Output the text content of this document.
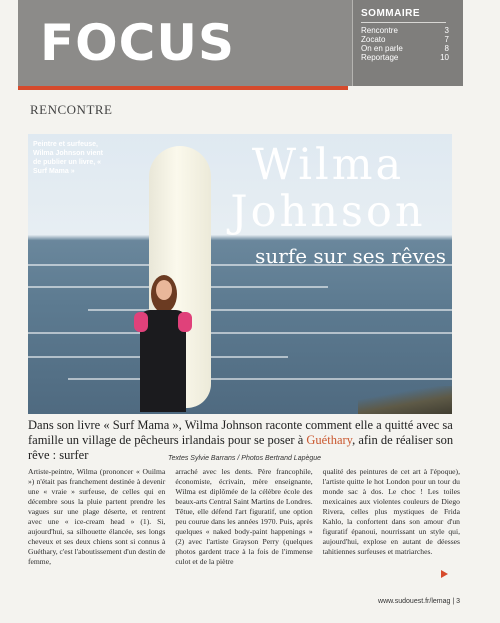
FOCUS
SOMMAIRE
Rencontre	3
Zocato	7
On en parle	8
Reportage	10
RENCONTRE
Peintre et surfeuse, Wilma Johnson vient de publier un livre, « Surf Mama »	Wilma
Johnson
surfe sur ses rêves
Dans son livre « Surf Mama », Wilma Johnson raconte comment elle a quitté avec sa famille un village de pêcheurs irlandais pour se poser à Guéthary, afin de réaliser son rêve : surfer	Textes Sylvie Barrans / Photos Bertrand Lapègue

Artiste-peintre, Wilma (prononcer « Ouilma ») n'était pas franchement destinée à devenir une « vraie » surfeuse, de celles qui en décembre sous la pluie partent prendre les vagues sur une plage déserte, et rentrent avec une « ice-cream head » (1). Si, aujourd'hui, sa silhouette élancée, ses longs cheveux et ses deux chiens sont si connus à Guéthary, c'est l'aboutissement d'un destin de femme,

arraché avec les dents. Père francophile, économiste, écrivain, mère enseignante, Wilma est diplômée de la célèbre école des beaux-arts Central Saint Martins de Londres. Têtue, elle défend l'art figuratif, une option peu courue dans les années 1970. Puis, après quelques « naked body-paint happenings » (2) avec l'artiste Grayson Perry (quelques photos gardent trace à la fois de l'immense culot et de la piètre

qualité des peintures de cet art à l'époque), l'artiste quitte le hot London pour un tour du monde sac à dos. Le choc ! Les toiles mexicaines aux violentes couleurs de Diego Rivera, celles plus mystiques de Frida Kahlo, la confortent dans son amour d'un figuratif épanoui, nourrissant un style qui, aujourd'hui, explose en autant de déesses tahitiennes surfeuses et matriarches.

www.sudouest.fr/lemag | 3
